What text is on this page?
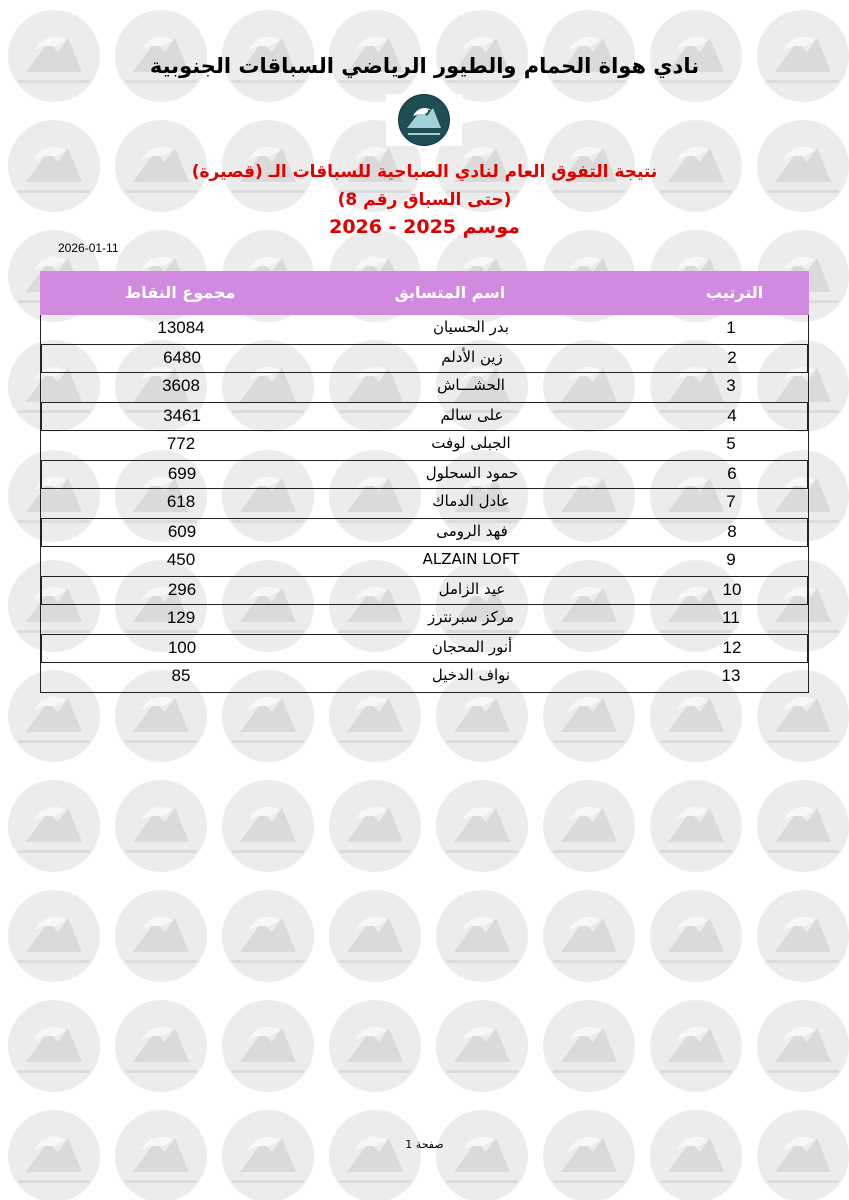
نادي هواة الحمام والطيور الرياضي السباقات الجنوبية
نتيجة التفوق العام لنادي الصباحية للسباقات الـ (قصيرة)
(حتى السباق رقم 8)
موسم 2025 - 2026
2026-01-11
الترتيب
اسم المتسابق
مجموع النقاط
1
بدر الحسيان
13084
2
زين الأدلم
6480
3
الحشـــاش
3608
4
على سالم
3461
5
الجبلى لوفت
772
6
حمود السحلول
699
7
عادل الدماك
618
8
فهد الرومى
609
9
ALZAIN LOFT
450
10
عيد الزامل
296
11
مركز سبرنترز
129
12
أنور المحجان
100
13
نواف الدخيل
85
صفحة 1
